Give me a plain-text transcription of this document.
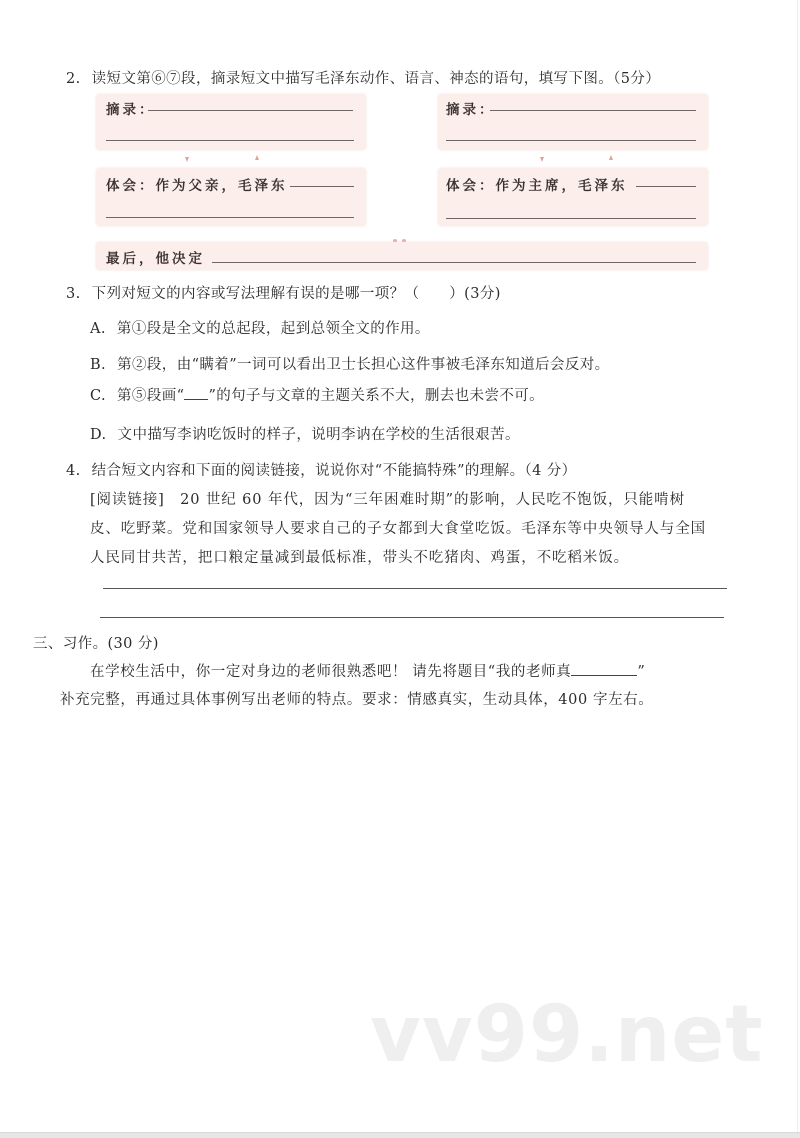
2. 读短文第⑥⑦段，摘录短文中描写毛泽东动作、语言、神态的语句，填写下图。（5分）
摘录：
体会：作为父亲，毛泽东
摘录：
体会：作为主席，毛泽东
最后，他决定
3. 下列对短文的内容或写法理解有误的是哪一项？（　　）(3分)
A. 第①段是全文的总起段，起到总领全文的作用。
B. 第②段，由“瞒着”一词可以看出卫士长担心这件事被毛泽东知道后会反对。
C. 第⑤段画“ ”的句子与文章的主题关系不大，删去也未尝不可。
D. 文中描写李讷吃饭时的样子，说明李讷在学校的生活很艰苦。
4. 结合短文内容和下面的阅读链接，说说你对“不能搞特殊”的理解。（4 分）
[阅读链接]　20 世纪 60 年代，因为“三年困难时期”的影响，人民吃不饱饭，只能啃树
皮、吃野菜。党和国家领导人要求自己的子女都到大食堂吃饭。毛泽东等中央领导人与全国
人民同甘共苦，把口粮定量减到最低标准，带头不吃猪肉、鸡蛋，不吃稻米饭。
三、习作。(30 分)
在学校生活中，你一定对身边的老师很熟悉吧！ 请先将题目“我的老师真	”
补充完整，再通过具体事例写出老师的特点。要求：情感真实，生动具体，400 字左右。
vv99.net
